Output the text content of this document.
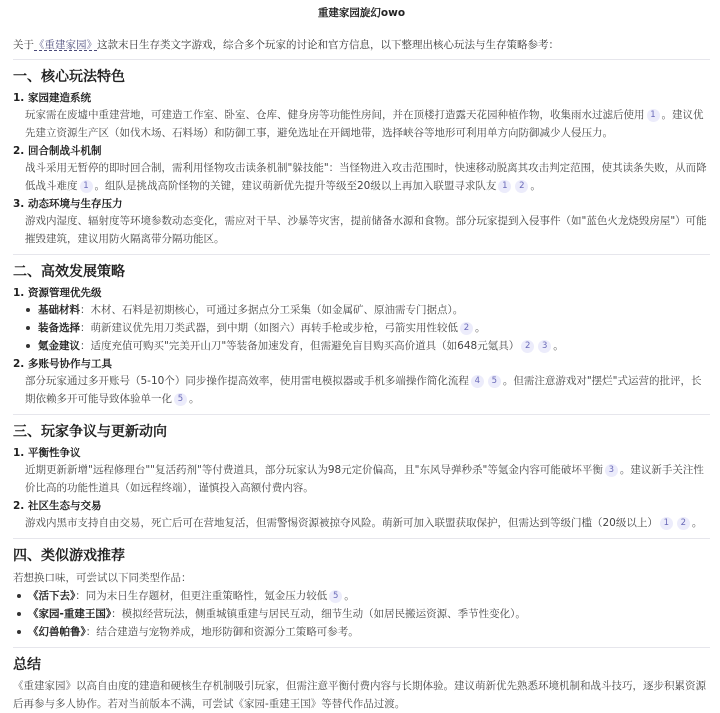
重建家园旋幻owo
关于《重建家园》这款末日生存类文字游戏，综合多个玩家的讨论和官方信息，以下整理出核心玩法与生存策略参考：
一、核心玩法特色
1. 家园建造系统
玩家需在废墟中重建营地，可建造工作室、卧室、仓库、健身房等功能性房间，并在顶楼打造露天花园种植作物，收集雨水过滤后使用 1 。建议优先建立资源生产区（如伐木场、石料场）和防御工事，避免选址在开阔地带，选择峡谷等地形可利用单方向防御减少人侵压力。
2. 回合制战斗机制
战斗采用无暂停的即时回合制，需利用怪物攻击读条机制"躲技能"：当怪物进入攻击范围时，快速移动脱离其攻击判定范围，使其读条失败，从而降低战斗难度 1 。组队是挑战高阶怪物的关键，建议萌新优先提升等级至20级以上再加入联盟寻求队友 1 2 。
3. 动态环境与生存压力
游戏内湿度、辐射度等环境参数动态变化，需应对干旱、沙暴等灾害，提前储备水源和食物。部分玩家提到入侵事件（如"蓝色火龙烧毁房屋"）可能摧毁建筑，建议用防火隔离带分隔功能区。
二、高效发展策略
1. 资源管理优先级
基础材料：木材、石料是初期核心，可通过多据点分工采集（如金属矿、原油需专门据点）。
装备选择：萌新建议优先用刀类武器，到中期（如图六）再转手枪或步枪，弓箭实用性较低 2 。
氪金建议：适度充值可购买"完美开山刀"等装备加速发育，但需避免盲目购买高价道具（如648元氪具） 2 3 。
2. 多账号协作与工具
部分玩家通过多开账号（5-10个）同步操作提高效率，使用雷电模拟器或手机多端操作简化流程 4 5 。但需注意游戏对"摆烂"式运营的批评，长期依赖多开可能导致体验单一化 5 。
三、玩家争议与更新动向
1. 平衡性争议
近期更新新增"远程修理台""复活药剂"等付费道具，部分玩家认为98元定价偏高，且"东风导弹秒杀"等氪金内容可能破坏平衡 3 。建议新手关注性价比高的功能性道具（如远程终端），谨慎投入高额付费内容。
2. 社区生态与交易
游戏内黑市支持自由交易，死亡后可在营地复活，但需警惕资源被掠夺风险。萌新可加入联盟获取保护，但需达到等级门槛（20级以上） 1 2 。
四、类似游戏推荐
若想换口味，可尝试以下同类型作品：
《活下去》：同为末日生存题材，但更注重策略性，氪金压力较低 5 。
《家园-重建王国》：模拟经营玩法，侧重城镇重建与居民互动，细节生动（如居民搬运资源、季节性变化）。
《幻兽帕鲁》：结合建造与宠物养成，地形防御和资源分工策略可参考。
总结
《重建家园》以高自由度的建造和硬核生存机制吸引玩家，但需注意平衡付费内容与长期体验。建议萌新优先熟悉环境机制和战斗技巧，逐步积累资源后再参与多人协作。若对当前版本不满，可尝试《家园-重建王国》等替代作品过渡。
